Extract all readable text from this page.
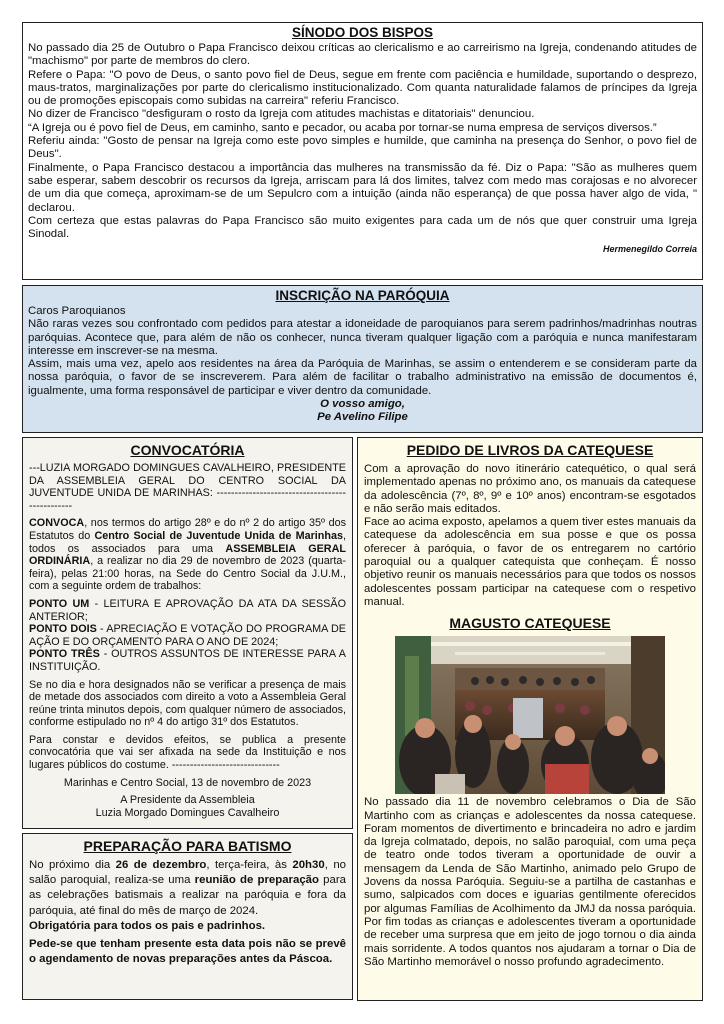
SÍNODO DOS BISPOS

No passado dia 25 de Outubro o Papa Francisco deixou críticas ao clericalismo e ao carreirismo na Igreja, condenando atitudes de "machismo" por parte de membros do clero.

Refere o Papa: "O povo de Deus, o santo povo fiel de Deus, segue em frente com paciência e humildade, suportando o desprezo, maus-tratos, marginalizações por parte do clericalismo institucionalizado. Com quanta naturalidade falamos de príncipes da Igreja ou de promoções episcopais como subidas na carreira" referiu Francisco.

No dizer de Francisco "desfiguram o rosto da Igreja com atitudes machistas e ditatoriais" denunciou.

“A Igreja ou é povo fiel de Deus, em caminho, santo e pecador, ou acaba por tornar-se numa empresa de serviços diversos.”

Referiu ainda: "Gosto de pensar na Igreja como este povo simples e humilde, que caminha na presença do Senhor, o povo fiel de Deus".

Finalmente, o Papa Francisco destacou a importância das mulheres na transmissão da fé. Diz o Papa: "São as mulheres quem sabe esperar, sabem descobrir os recursos da Igreja, arriscam para lá dos limites, talvez com medo mas corajosas e no alvorecer de um dia que começa, aproximam-se de um Sepulcro com a intuição (ainda não esperança) de que possa haver algo de vida, " declarou.

Com certeza que estas palavras do Papa Francisco são muito exigentes para cada um de nós que quer construir uma Igreja Sinodal.

Hermenegildo Correia
INSCRIÇÃO NA PARÓQUIA

Caros Paroquianos

Não raras vezes sou confrontado com pedidos para atestar a idoneidade de paroquianos para serem padrinhos/madrinhas noutras paróquias. Acontece que, para além de não os conhecer, nunca tiveram qualquer ligação com a paróquia e nunca manifestaram interesse em inscrever-se na mesma.

Assim, mais uma vez, apelo aos residentes na área da Paróquia de Marinhas, se assim o entenderem e se consideram parte da nossa paróquia, o favor de se inscreverem. Para além de facilitar o trabalho administrativo na emissão de documentos é, igualmente, uma forma responsável de participar e viver dentro da comunidade.

O vosso amigo,

Pe Avelino Filipe

CONVOCATÓRIA

---LUZIA MORGADO DOMINGUES CAVALHEIRO, PRESIDENTE DA ASSEMBLEIA GERAL DO CENTRO SOCIAL DA JUVENTUDE UNIDA DE MARINHAS: ------------------------------------------------

CONVOCA, nos termos do artigo 28º e do nº 2 do artigo 35º dos Estatutos do Centro Social de Juventude Unida de Marinhas, todos os associados para uma ASSEMBLEIA GERAL ORDINÁRIA, a realizar no dia 29 de novembro de 2023 (quarta-feira), pelas 21:00 horas, na Sede do Centro Social da J.U.M., com a seguinte ordem de trabalhos:

PONTO UM - LEITURA E APROVAÇÃO DA ATA DA SESSÃO ANTERIOR;

PONTO DOIS - APRECIAÇÃO E VOTAÇÃO DO PROGRAMA DE AÇÃO E DO ORÇAMENTO PARA O ANO DE 2024;

PONTO TRÊS - OUTROS ASSUNTOS DE INTERESSE PARA A INSTITUIÇÃO.

Se no dia e hora designados não se verificar a presença de mais de metade dos associados com direito a voto a Assembleia Geral reúne trinta minutos depois, com qualquer número de associados, conforme estipulado no nº 4 do artigo 31º dos Estatutos.

Para constar e devidos efeitos, se publica a presente convocatória que vai ser afixada na sede da Instituição e nos lugares públicos do costume. ------------------------------

Marinhas e Centro Social, 13 de novembro de 2023

A Presidente da Assembleia

Luzia Morgado Domingues Cavalheiro

PREPARAÇÃO PARA BATISMO

No próximo dia 26 de dezembro, terça-feira, às 20h30, no salão paroquial, realiza-se uma reunião de preparação para as celebrações batismais a realizar na paróquia e fora da paróquia, até final do mês de março de 2024.

Obrigatória para todos os pais e padrinhos.

Pede-se que tenham presente esta data pois não se prevê o agendamento de novas preparações antes da Páscoa.

PEDIDO DE LIVROS DA CATEQUESE

Com a aprovação do novo itinerário catequético, o qual será implementado apenas no próximo ano, os manuais da catequese da adolescência (7º, 8º, 9º e 10º anos) encontram-se esgotados e não serão mais editados.

Face ao acima exposto, apelamos a quem tiver estes manuais da catequese da adolescência em sua posse e que os possa oferecer à paróquia, o favor de os entregarem no cartório paroquial ou a qualquer catequista que conheçam. É nosso objetivo reunir os manuais necessários para que todos os nossos adolescentes possam participar na catequese com o respetivo manual.

MAGUSTO CATEQUESE

No passado dia 11 de novembro celebramos o Dia de São Martinho com as crianças e adolescentes da nossa catequese. Foram momentos de divertimento e brincadeira no adro e jardim da Igreja colmatado, depois, no salão paroquial, com uma peça de teatro onde todos tiveram a oportunidade de ouvir a mensagem da Lenda de São Martinho, animado pelo Grupo de Jovens da nossa Paróquia. Seguiu-se a partilha de castanhas e sumo, salpicados com doces e iguarias gentilmente oferecidos por algumas Famílias de Acolhimento da JMJ da nossa paróquia. Por fim todas as crianças e adolescentes tiveram a oportunidade de receber uma surpresa que em jeito de jogo tornou o dia ainda mais sorridente. A todos quantos nos ajudaram a tornar o Dia de São Martinho memorável o nosso profundo agradecimento.
